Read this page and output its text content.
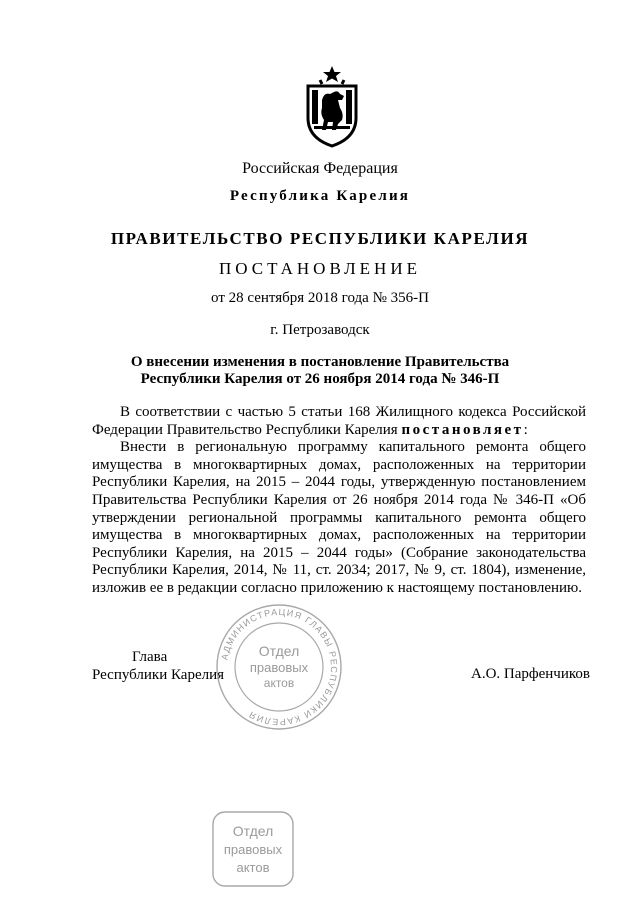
Российская Федерация
Республика Карелия
ПРАВИТЕЛЬСТВО РЕСПУБЛИКИ КАРЕЛИЯ
ПОСТАНОВЛЕНИЕ
от 28 сентября 2018 года № 356-П
г. Петрозаводск
О внесении изменения в постановление Правительства
Республики Карелия от 26 ноября 2014 года № 346-П

В соответствии с частью 5 статьи 168 Жилищного кодекса Российской Федерации Правительство Республики Карелия постановляет:

Внести в региональную программу капитального ремонта общего имущества в многоквартирных домах, расположенных на территории Республики Карелия, на 2015 – 2044 годы, утвержденную постановлением Правительства Республики Карелия от 26 ноября 2014 года № 346-П «Об утверждении региональной программы капитального ремонта общего имущества в многоквартирных домах, расположенных на территории Республики Карелия, на 2015 – 2044 годы» (Собрание законодательства Республики Карелия, 2014, № 11, ст. 2034; 2017, № 9, ст. 1804), изменение, изложив ее в редакции согласно приложению к настоящему постановлению.

Глава
Республики Карелия	А.О. Парфенчиков
АДМИНИСТРАЦИЯ ГЛАВЫ РЕСПУБЛИКИ КАРЕЛИЯ
Отдел
правовых
актов
Отдел
правовых
актов
